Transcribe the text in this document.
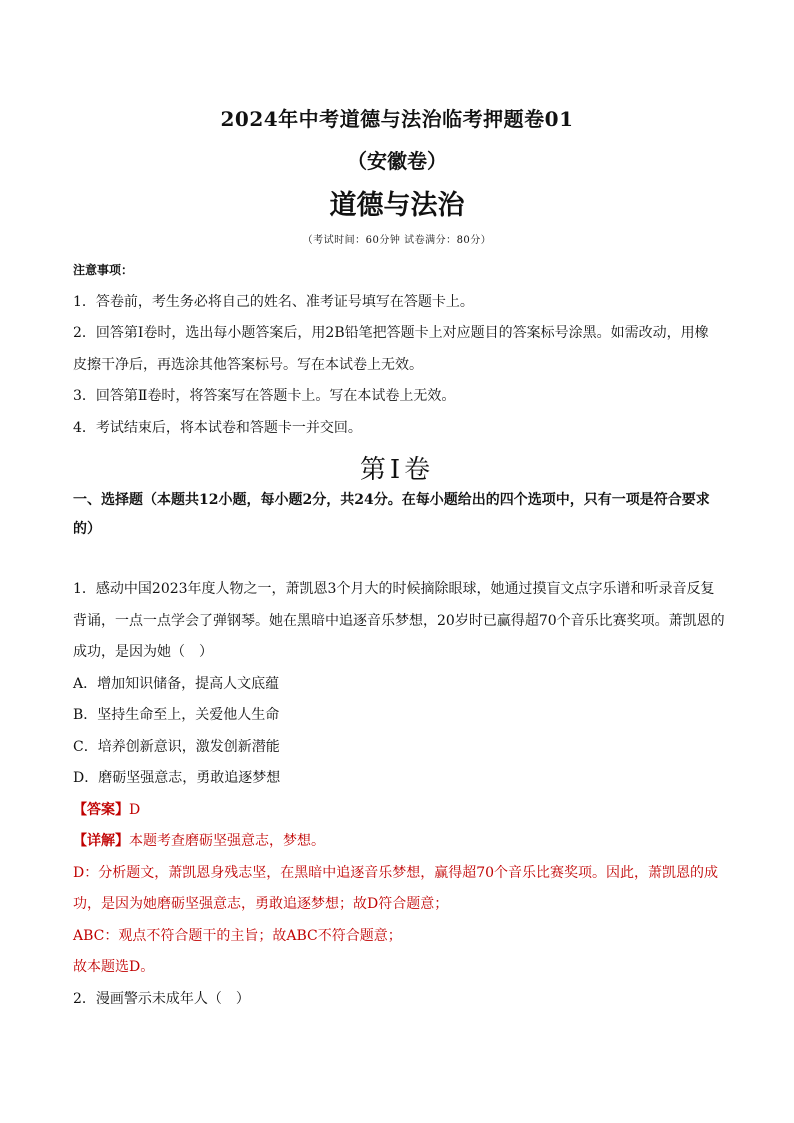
2024年中考道德与法治临考押题卷01
（安徽卷）
道德与法治
（考试时间：60分钟 试卷满分：80分）
注意事项：
1．答卷前，考生务必将自己的姓名、准考证号填写在答题卡上。
2．回答第Ⅰ卷时，选出每小题答案后，用2B铅笔把答题卡上对应题目的答案标号涂黑。如需改动，用橡
皮擦干净后，再选涂其他答案标号。写在本试卷上无效。
3．回答第Ⅱ卷时，将答案写在答题卡上。写在本试卷上无效。
4．考试结束后，将本试卷和答题卡一并交回。
第Ⅰ卷
一、选择题（本题共12小题，每小题2分，共24分。在每小题给出的四个选项中，只有一项是符合要求
的）
1．感动中国2023年度人物之一，萧凯恩3个月大的时候摘除眼球，她通过摸盲文点字乐谱和听录音反复
背诵，一点一点学会了弹钢琴。她在黑暗中追逐音乐梦想，20岁时已赢得超70个音乐比赛奖项。萧凯恩的
成功，是因为她（　）
A．增加知识储备，提高人文底蕴
B．坚持生命至上，关爱他人生命
C．培养创新意识，激发创新潜能
D．磨砺坚强意志，勇敢追逐梦想
【答案】D
【详解】本题考查磨砺坚强意志，梦想。
D：分析题文，萧凯恩身残志坚，在黑暗中追逐音乐梦想，赢得超70个音乐比赛奖项。因此，萧凯恩的成
功，是因为她磨砺坚强意志，勇敢追逐梦想；故D符合题意；
ABC：观点不符合题干的主旨；故ABC不符合题意；
故本题选D。
2．漫画警示未成年人（　）
